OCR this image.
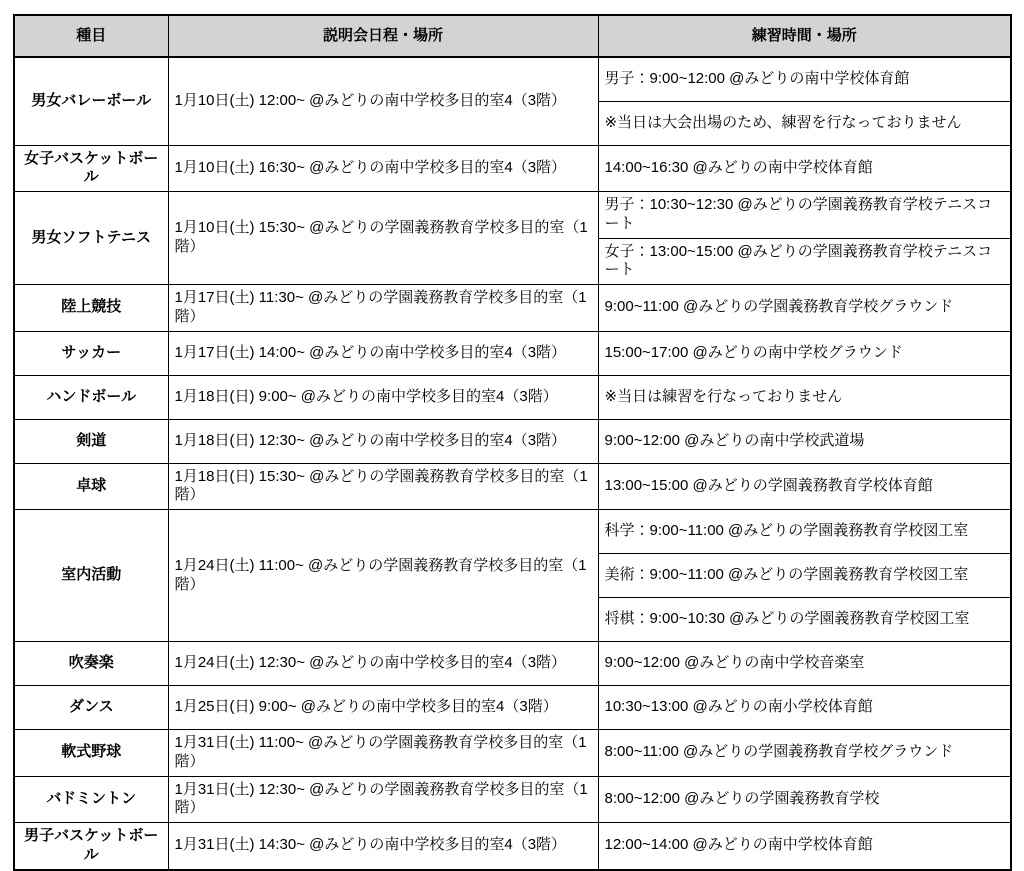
種目	説明会日程・場所	練習時間・場所
男女バレーボール	1月10日(土) 12:00~ @みどりの南中学校多目的室4（3階）	男子：9:00~12:00 @みどりの南中学校体育館
		※当日は大会出場のため、練習を行なっておりません
女子バスケットボール	1月10日(土) 16:30~ @みどりの南中学校多目的室4（3階）	14:00~16:30 @みどりの南中学校体育館
男女ソフトテニス	1月10日(土) 15:30~ @みどりの学園義務教育学校多目的室（1階）	男子：10:30~12:30 @みどりの学園義務教育学校テニスコート
		女子：13:00~15:00 @みどりの学園義務教育学校テニスコート
陸上競技	1月17日(土) 11:30~ @みどりの学園義務教育学校多目的室（1階）	9:00~11:00 @みどりの学園義務教育学校グラウンド
サッカー	1月17日(土) 14:00~ @みどりの南中学校多目的室4（3階）	15:00~17:00 @みどりの南中学校グラウンド
ハンドボール	1月18日(日) 9:00~ @みどりの南中学校多目的室4（3階）	※当日は練習を行なっておりません
剣道	1月18日(日) 12:30~ @みどりの南中学校多目的室4（3階）	9:00~12:00 @みどりの南中学校武道場
卓球	1月18日(日) 15:30~ @みどりの学園義務教育学校多目的室（1階）	13:00~15:00 @みどりの学園義務教育学校体育館
室内活動	1月24日(土) 11:00~ @みどりの学園義務教育学校多目的室（1階）	科学：9:00~11:00 @みどりの学園義務教育学校図工室
		美術：9:00~11:00 @みどりの学園義務教育学校図工室
		将棋：9:00~10:30 @みどりの学園義務教育学校図工室
吹奏楽	1月24日(土) 12:30~ @みどりの南中学校多目的室4（3階）	9:00~12:00 @みどりの南中学校音楽室
ダンス	1月25日(日) 9:00~ @みどりの南中学校多目的室4（3階）	10:30~13:00 @みどりの南小学校体育館
軟式野球	1月31日(土) 11:00~ @みどりの学園義務教育学校多目的室（1階）	8:00~11:00 @みどりの学園義務教育学校グラウンド
バドミントン	1月31日(土) 12:30~ @みどりの学園義務教育学校多目的室（1階）	8:00~12:00 @みどりの学園義務教育学校
男子バスケットボール	1月31日(土) 14:30~ @みどりの南中学校多目的室4（3階）	12:00~14:00 @みどりの南中学校体育館
